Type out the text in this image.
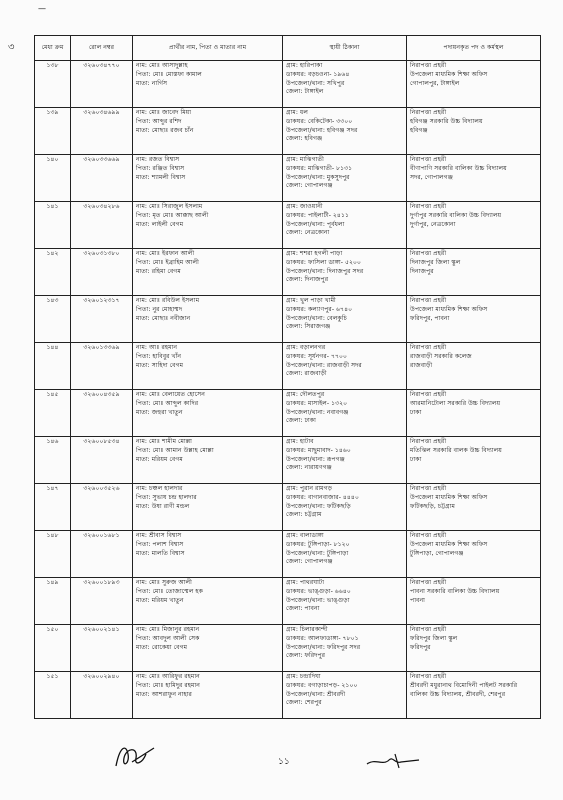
৩
—
মেধা ক্রম	রোল নম্বর	প্রার্থীর নাম, পিতা ও মাতার নাম	স্থায়ী ঠিকানা	পদায়নকৃত পদ ও কর্মস্থল
১৩৮	৩২৬০৩৪৭৭০	নাম: মোঃ আসাদুল্লাহ
পিতা: মোঃ মোস্তফা কামাল
মাতা: নার্গিস	গ্রাম: হারিপাকা
ডাকঘর: বড়চওনা- ১৯৬৪
উপজেলা/থানা: সখিপুর
জেলা: টাঙ্গাইল	নিরাপত্তা প্রহরী
উপজেলা মাধ্যমিক শিক্ষা অফিস
গোপালপুর, টাঙ্গাইল

১৩৯	৩২৬০৩৪৬৯৯	নাম: মোঃ জাবেদ মিয়া
পিতা: আব্দুর রশিদ
মাতা: মোছাঃ রজব চাঁন	গ্রাম: ধল
ডাকঘর: বেকিটেকা- ৩৩০০
উপজেলা/থানা: হবিগঞ্জ সদর
জেলা: হবিগঞ্জ	নিরাপত্তা প্রহরী
হবিগঞ্জ সরকারি উচ্চ বিদ্যালয়
হবিগঞ্জ

১৪০	৩২৬০৩৩৬৬৯	নাম: রজত বিশ্বাস
পিতা: রঞ্জিত বিশ্বাস
মাতা: শ্যামলী বিশ্বাস	গ্রাম: মাঝিগাতী
ডাকঘর: মাঝিগাতী- ৮১৩১
উপজেলা/থানা: মুকসুদপুর
জেলা: গোপালগঞ্জ	নিরাপত্তা প্রহরী
বীণাপাণি সরকারি বালিকা উচ্চ বিদ্যালয়
সদর, গোপালগঞ্জ

১৪১	৩২৬০৩৪২৮৬	নাম: মোঃ সিরাজুল ইসলাম
পিতা: মৃত মোঃ আক্কাছ আলী
মাতা: লাইলী বেগম	গ্রাম: জাওয়ানী
ডাকঘর: পাইলাটী- ২৪১১
উপজেলা/থানা: পূর্বধলা
জেলা: নেত্রকোনা	নিরাপত্তা প্রহরী
দুর্গাপুর সরকারি বালিকা উচ্চ বিদ্যালয়
দুর্গাপুর, নেত্রকোনা

১৪২	৩২৬০৩১৩৮০	নাম: মোঃ ইরফান আলী
পিতা: মোঃ ইব্রাহিম আলী
মাতা: রহিমা বেগম	গ্রাম: শশরা হগলী পাড়া
ডাকঘর: ফাসিলা ডাঙ্গা- ৫২০০
উপজেলা/থানা: দিনাজপুর সদর
জেলা: দিনাজপুর	নিরাপত্তা প্রহরী
দিনাজপুর জিলা স্কুল
দিনাজপুর

১৪৩	৩২৬০১২৩১৭	নাম: মোঃ রবিউল ইসলাম
পিতা: নুর মোহাম্মদ
মাতা: মোছাঃ নবীজান	গ্রাম: খুল পাড়া খামী
ডাকঘর: কল্যাণপুর- ৬৭৪০
উপজেলা/থানা: বেলকুচি
জেলা: সিরাজগঞ্জ	নিরাপত্তা প্রহরী
উপজেলা মাধ্যমিক শিক্ষা অফিস
ফরিদপুর, পাবনা

১৪৪	৩২৬০১৩৩৬৯	নাম: আঃ রহমান
পিতা: হাবিবুর খাঁন
মাতা: সাহিদা বেগম	গ্রাম: বড়ালনগর
ডাকঘর: সূর্যনগর- ৭৭০০
উপজেলা/থানা: রাজবাড়ী সদর
জেলা: রাজবাড়ী	নিরাপত্তা প্রহরী
রাজবাড়ী সরকারি কলেজ
রাজবাড়ী

১৪৫	৩২৬০০৪৩৫৯	নাম: মোঃ বেলায়েত হোসেন
পিতা: মোঃ আব্দুল কাদির
মাতা: জহুরা খাতুন	গ্রাম: দৌলতপুর
ডাকঘর: মাসাইল- ১৩২০
উপজেলা/থানা: নবাবগঞ্জ
জেলা: ঢাকা	নিরাপত্তা প্রহরী
আরমানিটোলা সরকারি উচ্চ বিদ্যালয়
ঢাকা

১৪৬	৩২৬০০৮৫৩৪	নাম: মোঃ শামীম মোল্লা
পিতা: মোঃ আমান উল্লাহ মোল্লা
মাতা: মরিয়ম বেগম	গ্রাম: হাটাব
ডাকঘর: মাছুমাবাদ- ১৪৬০
উপজেলা/থানা: রূপগঞ্জ
জেলা: নারায়ণগঞ্জ	নিরাপত্তা প্রহরী
মতিঝিল সরকারি বালক উচ্চ বিদ্যালয়
ঢাকা

১৪৭	৩২৬০০৩৫২৬	নাম: চঞ্চল হালদার
পিতা: সুভাষ চন্দ্র হালদার
মাতা: উষা রাণী মন্ডল	গ্রাম: পুরান রামগড়
ডাকঘর: বাগানবাজার- ৪৪৪০
উপজেলা/থানা: ফটিকছড়ি
জেলা: চট্টগ্রাম	নিরাপত্তা প্রহরী
উপজেলা মাধ্যমিক শিক্ষা অফিস
ফটিকছড়ি, চট্টগ্রাম

১৪৮	৩২৬০০১৬৮১	নাম: শ্রীবাস বিশ্বাস
পিতা: পলাশ বিশ্বাস
মাতা: মালতি বিশ্বাস	গ্রাম: বালাডাঙ্গা
ডাকঘর: টুঙ্গিপাড়া- ৮১২০
উপজেলা/থানা: টুঙ্গিপাড়া
জেলা: গোপালগঞ্জ	নিরাপত্তা প্রহরী
উপজেলা মাধ্যমিক শিক্ষা অফিস
টুঙ্গিপাড়া, গোপালগঞ্জ

১৪৯	৩২৬০০১৮৯৩	নাম: মোঃ সুরুজ আলী
পিতা: মোঃ তোজাম্মেল হক
মাতা: মরিয়ম খাতুন	গ্রাম: পাথরঘাটা
ডাকঘর: ভাঙ্গুড়া- ৬৬৪০
উপজেলা/থানা: ভাঙ্গুড়া
জেলা: পাবনা	নিরাপত্তা প্রহরী
পাবনা সরকারি বালিকা উচ্চ বিদ্যালয়
পাবনা

১৫০	৩২৬০০২১৪১	নাম: মোঃ মিজানুর রহমান
পিতা: আবদুল আলী সেক
মাতা: রোকেয়া বেগম	গ্রাম: চিলারকান্দী
ডাকঘর: আলফাডাঙ্গা- ৭৮০১
উপজেলা/থানা: ফরিদপুর সদর
জেলা: ফরিদপুর	নিরাপত্তা প্রহরী
ফরিদপুর জিলা স্কুল
ফরিদপুর

১৫১	৩২৬০০২৯৪০	নাম: মোঃ আরিফুর রহমান
পিতা: মোঃ হামিদুর রহমান
মাতা: আশরাফুন নাহার	গ্রাম: চন্দ্রাদিঘা
ডাকঘর: বগাড়াচাপড়- ২১০০
উপজেলা/থানা: শ্রীবরদী
জেলা: শেরপুর	নিরাপত্তা প্রহরী
শ্রীবরদী মধুরানাথ বিমোদিনী পাইলট সরকারি
বালিকা উচ্চ বিদ্যালয়, শ্রীবরদী, শেরপুর
১১
